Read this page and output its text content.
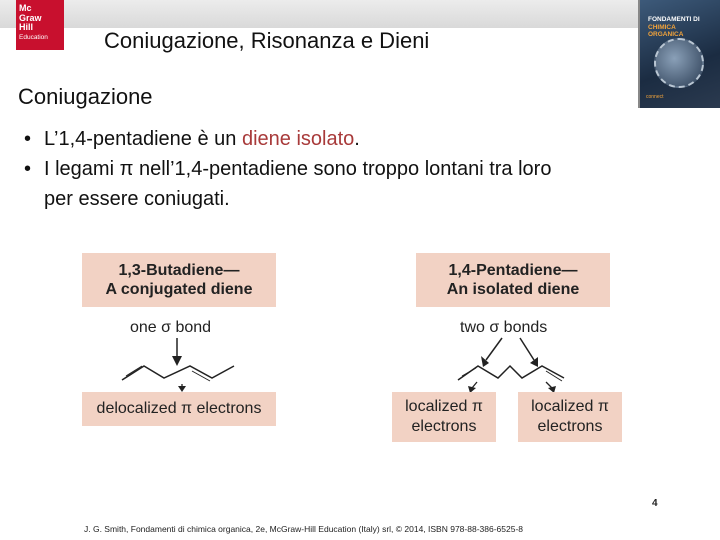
Mc
Graw
Hill
Education	Coniugazione, Risonanza e Dieni
FONDAMENTI DI
CHIMICA ORGANICA
connect
Coniugazione
• L’1,4-pentadiene è un diene isolato.
• I legami π nell’1,4-pentadiene sono troppo lontani tra loro
per essere coniugati.
1,3-Butadiene—
A conjugated diene
one σ bond
1,4-Pentadiene—
An isolated diene
two σ bonds
delocalized π electrons	localized π
electrons
localized π
electrons
4
J. G. Smith, Fondamenti di chimica organica, 2e, McGraw-Hill Education (Italy) srl, © 2014, ISBN 978-88-386-6525-8
